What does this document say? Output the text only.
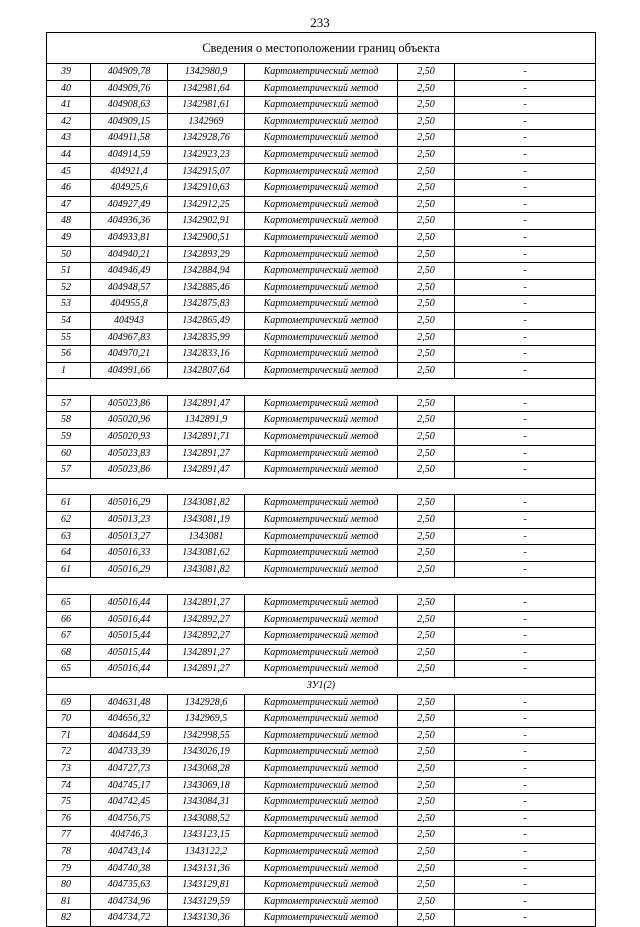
233
Сведения о местоположении границ объекта
39	404909,78	1342980,9	Картометрический метод	2,50	-
40	404909,76	1342981,64	Картометрический метод	2,50	-
41	404908,63	1342981,61	Картометрический метод	2,50	-
42	404909,15	1342969	Картометрический метод	2,50	-
43	404911,58	1342928,76	Картометрический метод	2,50	-
44	404914,59	1342923,23	Картометрический метод	2,50	-
45	404921,4	1342915,07	Картометрический метод	2,50	-
46	404925,6	1342910,63	Картометрический метод	2,50	-
47	404927,49	1342912,25	Картометрический метод	2,50	-
48	404936,36	1342902,91	Картометрический метод	2,50	-
49	404933,81	1342900,51	Картометрический метод	2,50	-
50	404940,21	1342893,29	Картометрический метод	2,50	-
51	404946,49	1342884,94	Картометрический метод	2,50	-
52	404948,57	1342885,46	Картометрический метод	2,50	-
53	404955,8	1342875,83	Картометрический метод	2,50	-
54	404943	1342865,49	Картометрический метод	2,50	-
55	404967,83	1342835,99	Картометрический метод	2,50	-
56	404970,21	1342833,16	Картометрический метод	2,50	-
1	404991,66	1342807,64	Картометрический метод	2,50	-
57	405023,86	1342891,47	Картометрический метод	2,50	-
58	405020,96	1342891,9	Картометрический метод	2,50	-
59	405020,93	1342891,71	Картометрический метод	2,50	-
60	405023,83	1342891,27	Картометрический метод	2,50	-
57	405023,86	1342891,47	Картометрический метод	2,50	-
61	405016,29	1343081,82	Картометрический метод	2,50	-
62	405013,23	1343081,19	Картометрический метод	2,50	-
63	405013,27	1343081	Картометрический метод	2,50	-
64	405016,33	1343081,62	Картометрический метод	2,50	-
61	405016,29	1343081,82	Картометрический метод	2,50	-
65	405016,44	1342891,27	Картометрический метод	2,50	-
66	405016,44	1342892,27	Картометрический метод	2,50	-
67	405015,44	1342892,27	Картометрический метод	2,50	-
68	405015,44	1342891,27	Картометрический метод	2,50	-
65	405016,44	1342891,27	Картометрический метод	2,50	-
ЗУ1(2)
69	404631,48	1342928,6	Картометрический метод	2,50	-
70	404656,32	1342969,5	Картометрический метод	2,50	-
71	404644,59	1342998,55	Картометрический метод	2,50	-
72	404733,39	1343026,19	Картометрический метод	2,50	-
73	404727,73	1343068,28	Картометрический метод	2,50	-
74	404745,17	1343069,18	Картометрический метод	2,50	-
75	404742,45	1343084,31	Картометрический метод	2,50	-
76	404756,75	1343088,52	Картометрический метод	2,50	-
77	404746,3	1343123,15	Картометрический метод	2,50	-
78	404743,14	1343122,2	Картометрический метод	2,50	-
79	404740,38	1343131,36	Картометрический метод	2,50	-
80	404735,63	1343129,81	Картометрический метод	2,50	-
81	404734,96	1343129,59	Картометрический метод	2,50	-
82	404734,72	1343130,36	Картометрический метод	2,50	-
